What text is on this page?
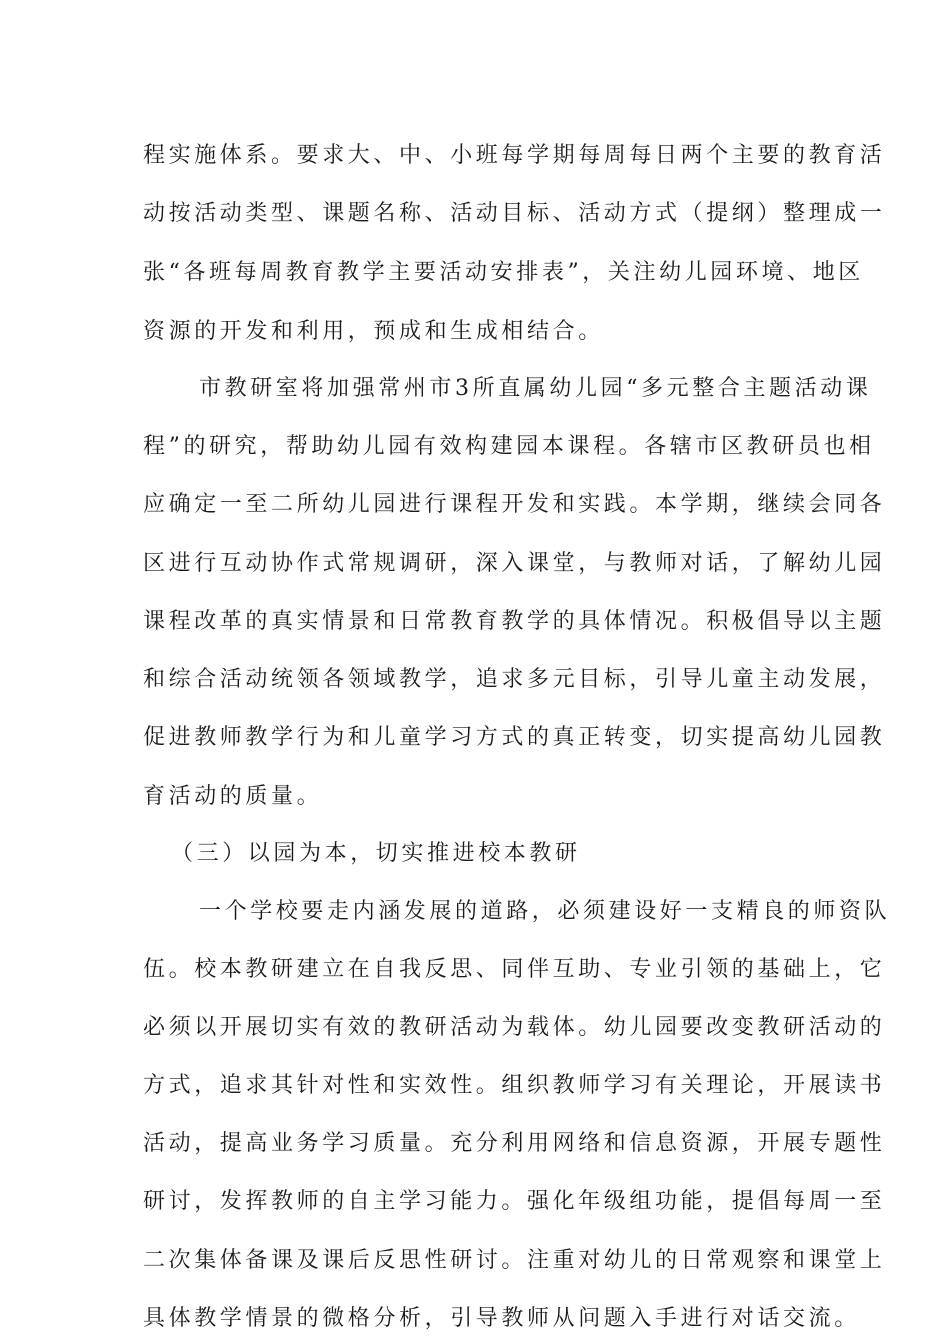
程实施体系。要求大、中、小班每学期每周每日两个主要的教育活
动按活动类型、课题名称、活动目标、活动方式（提纲）整理成一
张“各班每周教育教学主要活动安排表”，关注幼儿园环境、地区
资源的开发和利用，预成和生成相结合。
市教研室将加强常州市3所直属幼儿园“多元整合主题活动课
程”的研究，帮助幼儿园有效构建园本课程。各辖市区教研员也相
应确定一至二所幼儿园进行课程开发和实践。本学期，继续会同各
区进行互动协作式常规调研，深入课堂，与教师对话，了解幼儿园
课程改革的真实情景和日常教育教学的具体情况。积极倡导以主题
和综合活动统领各领域教学，追求多元目标，引导儿童主动发展，
促进教师教学行为和儿童学习方式的真正转变，切实提高幼儿园教
育活动的质量。
（三）以园为本，切实推进校本教研
一个学校要走内涵发展的道路，必须建设好一支精良的师资队
伍。校本教研建立在自我反思、同伴互助、专业引领的基础上，它
必须以开展切实有效的教研活动为载体。幼儿园要改变教研活动的
方式，追求其针对性和实效性。组织教师学习有关理论，开展读书
活动，提高业务学习质量。充分利用网络和信息资源，开展专题性
研讨，发挥教师的自主学习能力。强化年级组功能，提倡每周一至
二次集体备课及课后反思性研讨。注重对幼儿的日常观察和课堂上
具体教学情景的微格分析，引导教师从问题入手进行对话交流。
